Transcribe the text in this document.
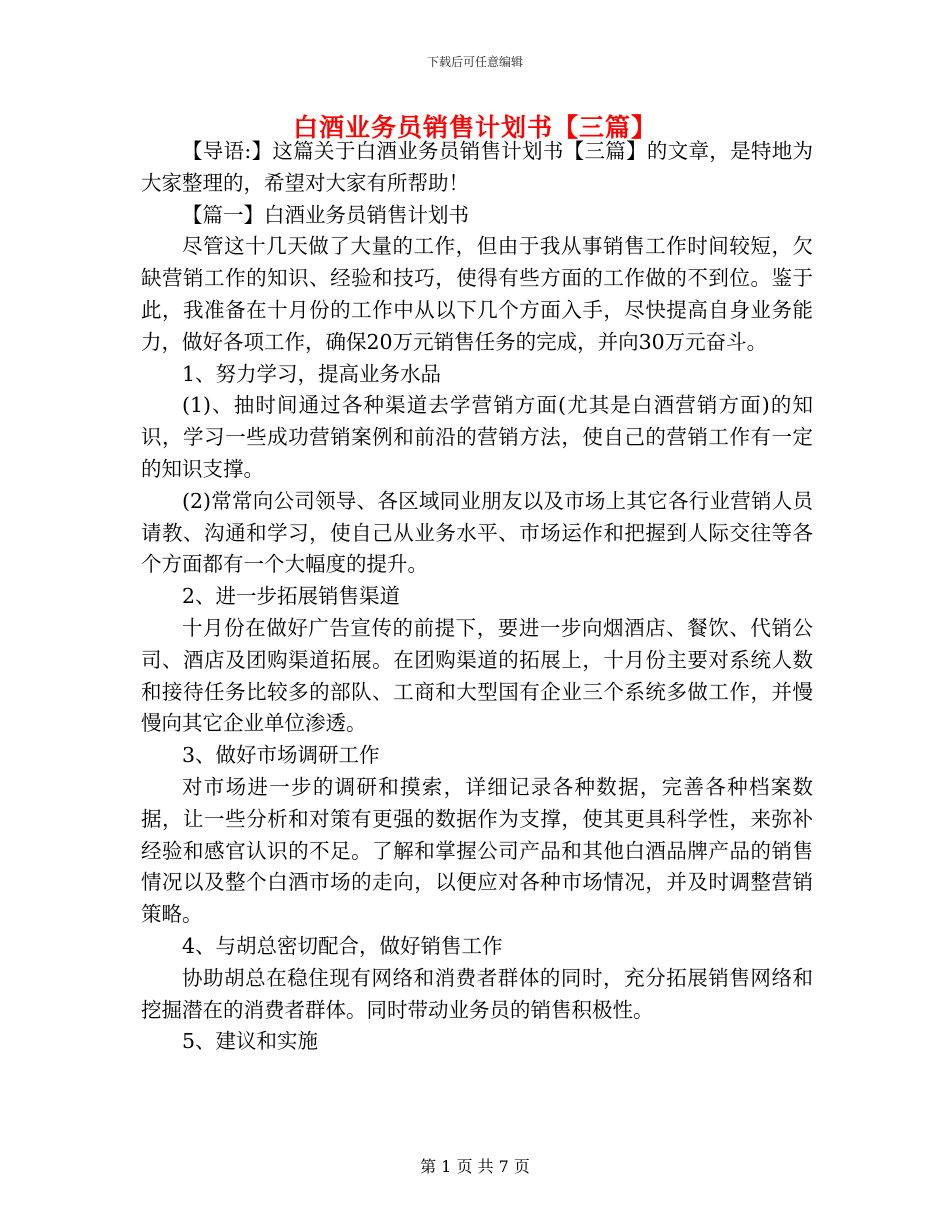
下载后可任意编辑
白酒业务员销售计划书【三篇】

【导语:】这篇关于白酒业务员销售计划书【三篇】的文章，是特地为大家整理的，希望对大家有所帮助！

【篇一】白酒业务员销售计划书

尽管这十几天做了大量的工作，但由于我从事销售工作时间较短，欠缺营销工作的知识、经验和技巧，使得有些方面的工作做的不到位。鉴于此，我准备在十月份的工作中从以下几个方面入手，尽快提高自身业务能力，做好各项工作，确保20万元销售任务的完成，并向30万元奋斗。

1、努力学习，提高业务水品

(1)、抽时间通过各种渠道去学营销方面(尤其是白酒营销方面)的知识，学习一些成功营销案例和前沿的营销方法，使自己的营销工作有一定的知识支撑。

(2)常常向公司领导、各区域同业朋友以及市场上其它各行业营销人员请教、沟通和学习，使自己从业务水平、市场运作和把握到人际交往等各个方面都有一个大幅度的提升。

2、进一步拓展销售渠道

十月份在做好广告宣传的前提下，要进一步向烟酒店、餐饮、代销公司、酒店及团购渠道拓展。在团购渠道的拓展上，十月份主要对系统人数和接待任务比较多的部队、工商和大型国有企业三个系统多做工作，并慢慢向其它企业单位渗透。

3、做好市场调研工作

对市场进一步的调研和摸索，详细记录各种数据，完善各种档案数据，让一些分析和对策有更强的数据作为支撑，使其更具科学性，来弥补经验和感官认识的不足。了解和掌握公司产品和其他白酒品牌产品的销售情况以及整个白酒市场的走向，以便应对各种市场情况，并及时调整营销策略。

4、与胡总密切配合，做好销售工作

协助胡总在稳住现有网络和消费者群体的同时，充分拓展销售网络和挖掘潜在的消费者群体。同时带动业务员的销售积极性。

5、建议和实施

第 1 页 共 7 页
